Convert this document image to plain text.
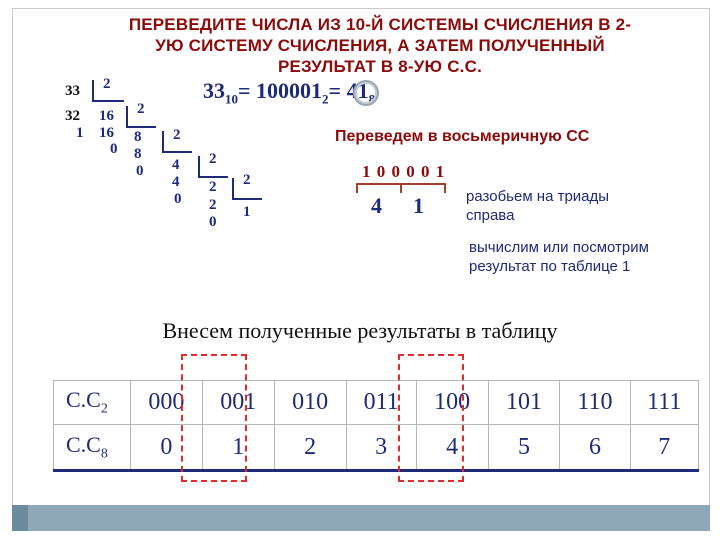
ПЕРЕВЕДИТЕ ЧИСЛА ИЗ 10-Й СИСТЕМЫ СЧИСЛЕНИЯ В 2-
УЮ СИСТЕМУ СЧИСЛЕНИЯ, А ЗАТЕМ ПОЛУЧЕННЫЙ
РЕЗУЛЬТАТ В 8-УЮ С.С.
33 2
32 16 2
1 16 8 2
0 8
4 2
0
4 2 2
0 2 1
0
$33_{10}= 100001_2= 41_8$
Переведем в восьмеричную СС
1 0 0 0 0 1
4 1	разобьем на триады
справа
вычислим или посмотрим
результат по таблице 1
Внесем полученные результаты в таблицу
$С.С_2$	000	001	010	011	100	101	110	111
$С.С_8$	0	1	2	3	4	5	6	7
